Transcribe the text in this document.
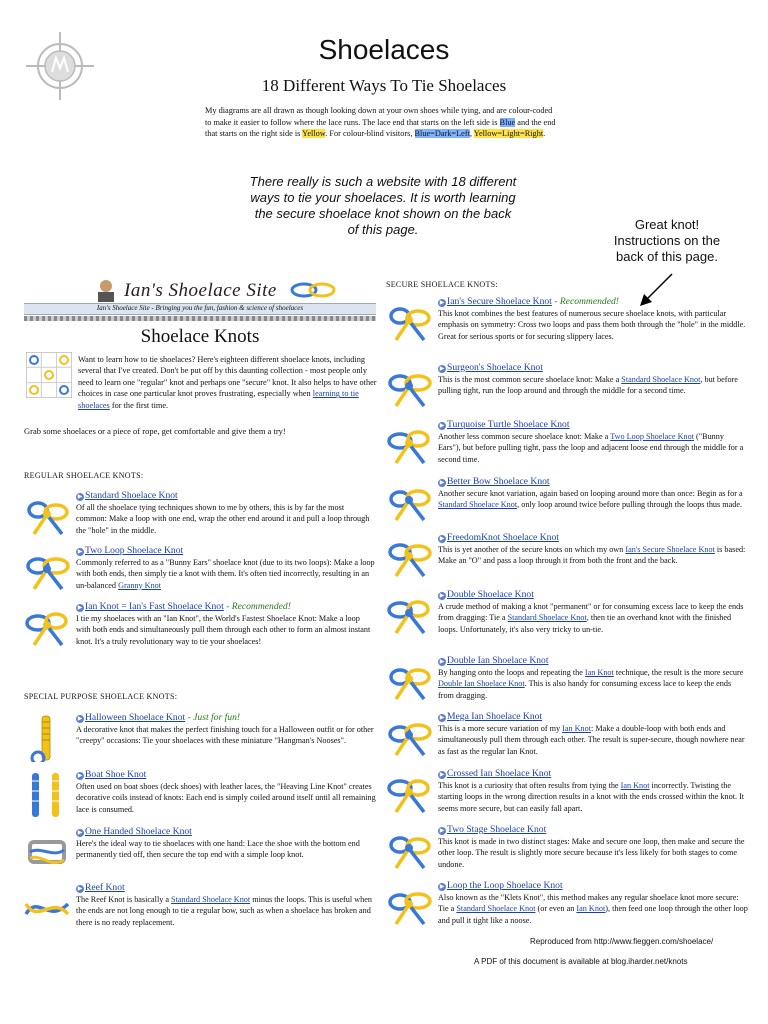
Shoelaces
18 Different Ways To Tie Shoelaces
My diagrams are all drawn as though looking down at your own shoes while tying, and are colour-coded to make it easier to follow where the lace runs. The lace end that starts on the left side is Blue and the end that starts on the right side is Yellow. For colour-blind visitors, Blue=Dark=Left, Yellow=Light=Right.
There really is such a website with 18 different ways to tie your shoelaces. It is worth learning the secure shoelace knot shown on the back of this page.	Great knot! Instructions on the back of this page.
Ian's Shoelace Site
Ian's Shoelace Site - Bringing you the fun, fashion & science of shoelaces
Shoelace Knots
Want to learn how to tie shoelaces? Here's eighteen different shoelace knots, including several that I've created. Don't be put off by this daunting collection - most people only need to learn one "regular" knot and perhaps one "secure" knot. It also helps to have other choices in case one particular knot proves frustrating, especially when learning to tie shoelaces for the first time.
Grab some shoelaces or a piece of rope, get comfortable and give them a try!
REGULAR SHOELACE KNOTS:
SPECIAL PURPOSE SHOELACE KNOTS:
SECURE SHOELACE KNOTS:
▶ Standard Shoelace Knot
Of all the shoelace tying techniques shown to me by others, this is by far the most common: Make a loop with one end, wrap the other end around it and pull a loop through the "hole" in the middle.
▶ Two Loop Shoelace Knot
Commonly referred to as a "Bunny Ears" shoelace knot (due to its two loops): Make a loop with both ends, then simply tie a knot with them. It's often tied incorrectly, resulting in an un-balanced Granny Knot
▶ Ian Knot = Ian's Fast Shoelace Knot - Recommended!
I tie my shoelaces with an "Ian Knot", the World's Fastest Shoelace Knot: Make a loop with both ends and simultaneously pull them through each other to form an almost instant knot. It's a truly revolutionary way to tie your shoelaces!
▶ Halloween Shoelace Knot - Just for fun!
A decorative knot that makes the perfect finishing touch for a Halloween outfit or for other "creepy" occasions: Tie your shoelaces with these miniature "Hangman's Nooses".
▶ Boat Shoe Knot
Often used on boat shoes (deck shoes) with leather laces, the "Heaving Line Knot" creates decorative coils instead of knots: Each end is simply coiled around itself until all remaining lace is consumed.
▶ One Handed Shoelace Knot
Here's the ideal way to tie shoelaces with one hand: Lace the shoe with the bottom end permanently tied off, then secure the top end with a simple loop knot.
▶ Reef Knot
The Reef Knot is basically a Standard Shoelace Knot minus the loops. This is useful when the ends are not long enough to tie a regular bow, such as when a shoelace has broken and there is no ready replacement.
▶ Ian's Secure Shoelace Knot - Recommended!
This knot combines the best features of numerous secure shoelace knots, with particular emphasis on symmetry: Cross two loops and pass them both through the "hole" in the middle. Great for serious sports or for securing slippery laces.
▶ Surgeon's Shoelace Knot
This is the most common secure shoelace knot: Make a Standard Shoelace Knot, but before pulling tight, run the loop around and through the middle for a second time.
▶ Turquoise Turtle Shoelace Knot
Another less common secure shoelace knot: Make a Two Loop Shoelace Knot ("Bunny Ears"), but before pulling tight, pass the loop and adjacent loose end through the middle for a second time.
▶ Better Bow Shoelace Knot
Another secure knot variation, again based on looping around more than once: Begin as for a Standard Shoelace Knot, only loop around twice before pulling through the loops thus made.
▶ FreedomKnot Shoelace Knot
This is yet another of the secure knots on which my own Ian's Secure Shoelace Knot is based: Make an "O" and pass a loop through it from both the front and the back.
▶ Double Shoelace Knot
A crude method of making a knot "permanent" or for consuming excess lace to keep the ends from dragging: Tie a Standard Shoelace Knot, then tie an overhand knot with the finished loops. Unfortunately, it's also very tricky to un-tie.
▶ Double Ian Shoelace Knot
By hanging onto the loops and repeating the Ian Knot technique, the result is the more secure Double Ian Shoelace Knot. This is also handy for consuming excess lace to keep the ends from dragging.
▶ Mega Ian Shoelace Knot
This is a more secure variation of my Ian Knot: Make a double-loop with both ends and simultaneously pull them through each other. The result is super-secure, though nowhere near as fast as the regular Ian Knot.
▶ Crossed Ian Shoelace Knot
This knot is a curiosity that often results from tying the Ian Knot incorrectly. Twisting the starting loops in the wrong direction results in a knot with the ends crossed within the knot. It seems more secure, but can easily fall apart.
▶ Two Stage Shoelace Knot
This knot is made in two distinct stages: Make and secure one loop, then make and secure the other loop. The result is slightly more secure because it's less likely for both stages to come undone.
▶ Loop the Loop Shoelace Knot
Also known as the "Klets Knot", this method makes any regular shoelace knot more secure: Tie a Standard Shoelace Knot (or even an Ian Knot), then feed one loop through the other loop and pull it tight like a noose.
Reproduced from http://www.fieggen.com/shoelace/
A PDF of this document is available at blog.iharder.net/knots
